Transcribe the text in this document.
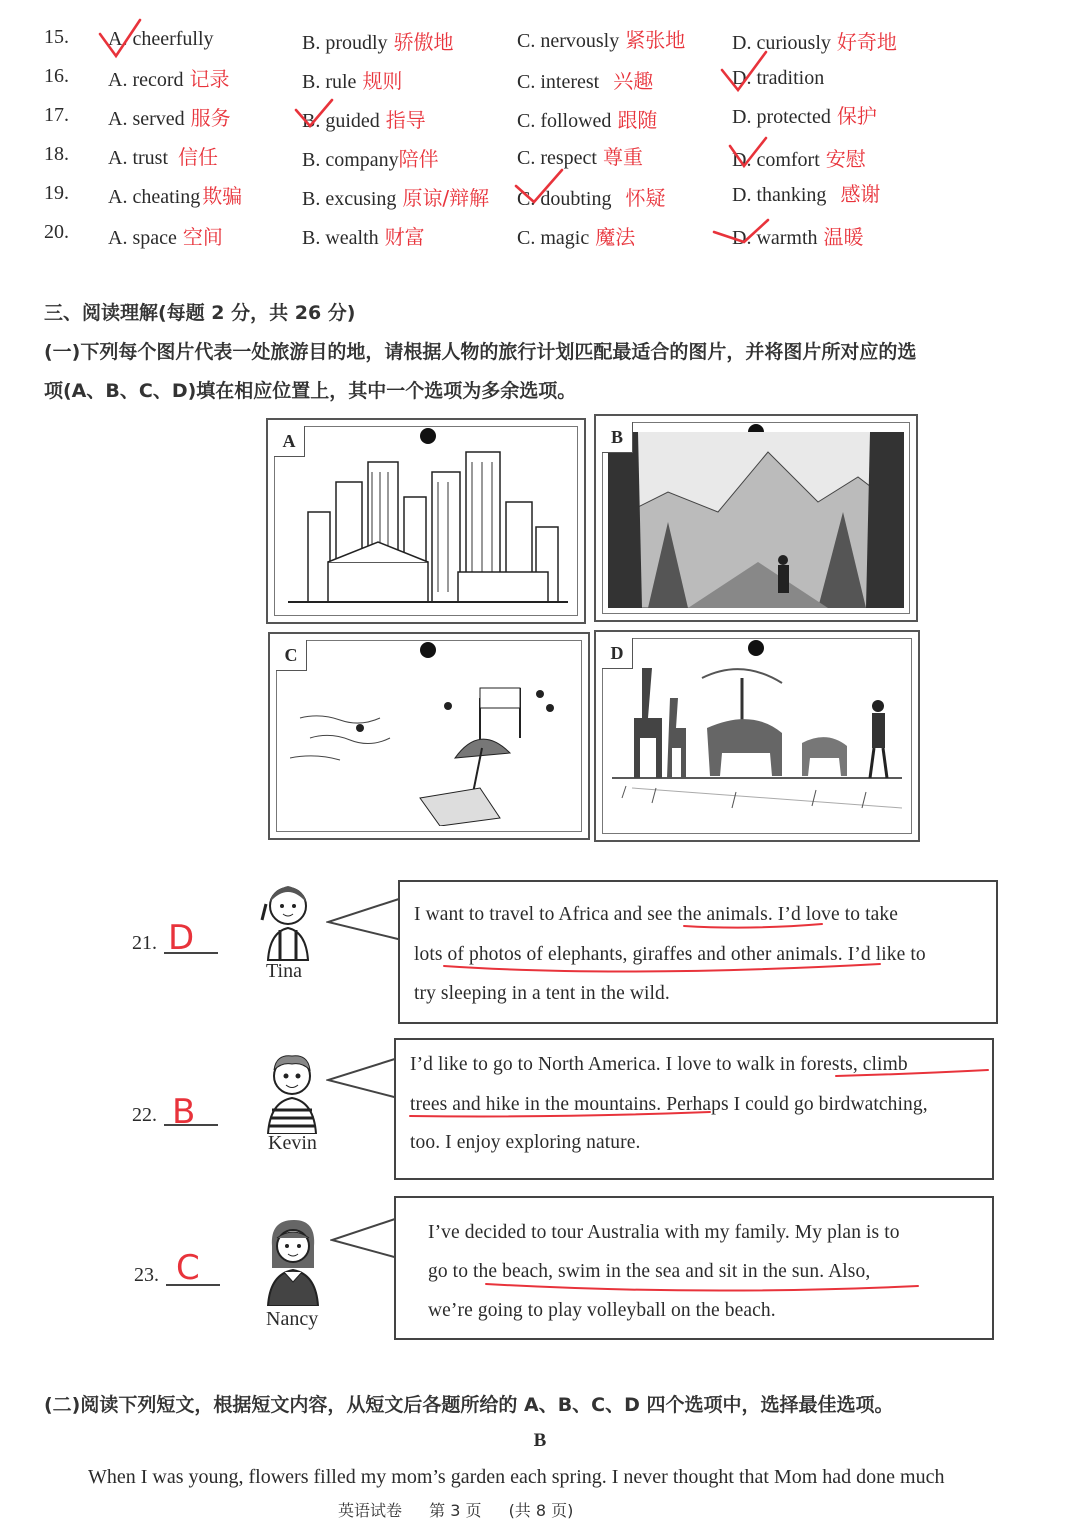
15. A. cheerfully	B. proudly 骄傲地	C. nervously 紧张地 D. curiously 好奇地
16. A. record 记录	B. rule 规则	C. interest 兴趣	D. tradition
17. A. served 服务	B. guided 指导	C. followed 跟随	D. protected 保护
18. A. trust 信任	B. company陪伴	C. respect 尊重	D. comfort 安慰
19. A. cheating 欺骗	B. excusing 原谅/辩解 C. doubting 怀疑	D. thanking 感谢
20. A. space 空间	B. wealth 财富	C. magic 魔法	D. warmth 温暖
三、阅读理解(每题 2 分，共 26 分)
(一)下列每个图片代表一处旅游目的地，请根据人物的旅行计划匹配最适合的图片，并将图片所对应的选
项(A、B、C、D)填在相应位置上，其中一个选项为多余选项。
A	B
C	D
21. D
Tina
I want to travel to Africa and see the animals. I’d love to take
lots of photos of elephants, giraffes and other animals. I’d like to
try sleeping in a tent in the wild.
22. B
Kevin
I’d like to go to North America. I love to walk in forests, climb
trees and hike in the mountains. Perhaps I could go birdwatching,
too. I enjoy exploring nature.
23. C
Nancy
I’ve decided to tour Australia with my family. My plan is to
go to the beach, swim in the sea and sit in the sun. Also,
we’re going to play volleyball on the beach.
(二)阅读下列短文，根据短文内容，从短文后各题所给的 A、B、C、D 四个选项中，选择最佳选项。
B
When I was young, flowers filled my mom’s garden each spring. I never thought that Mom had done much
英语试卷 第 3 页 (共 8 页)
